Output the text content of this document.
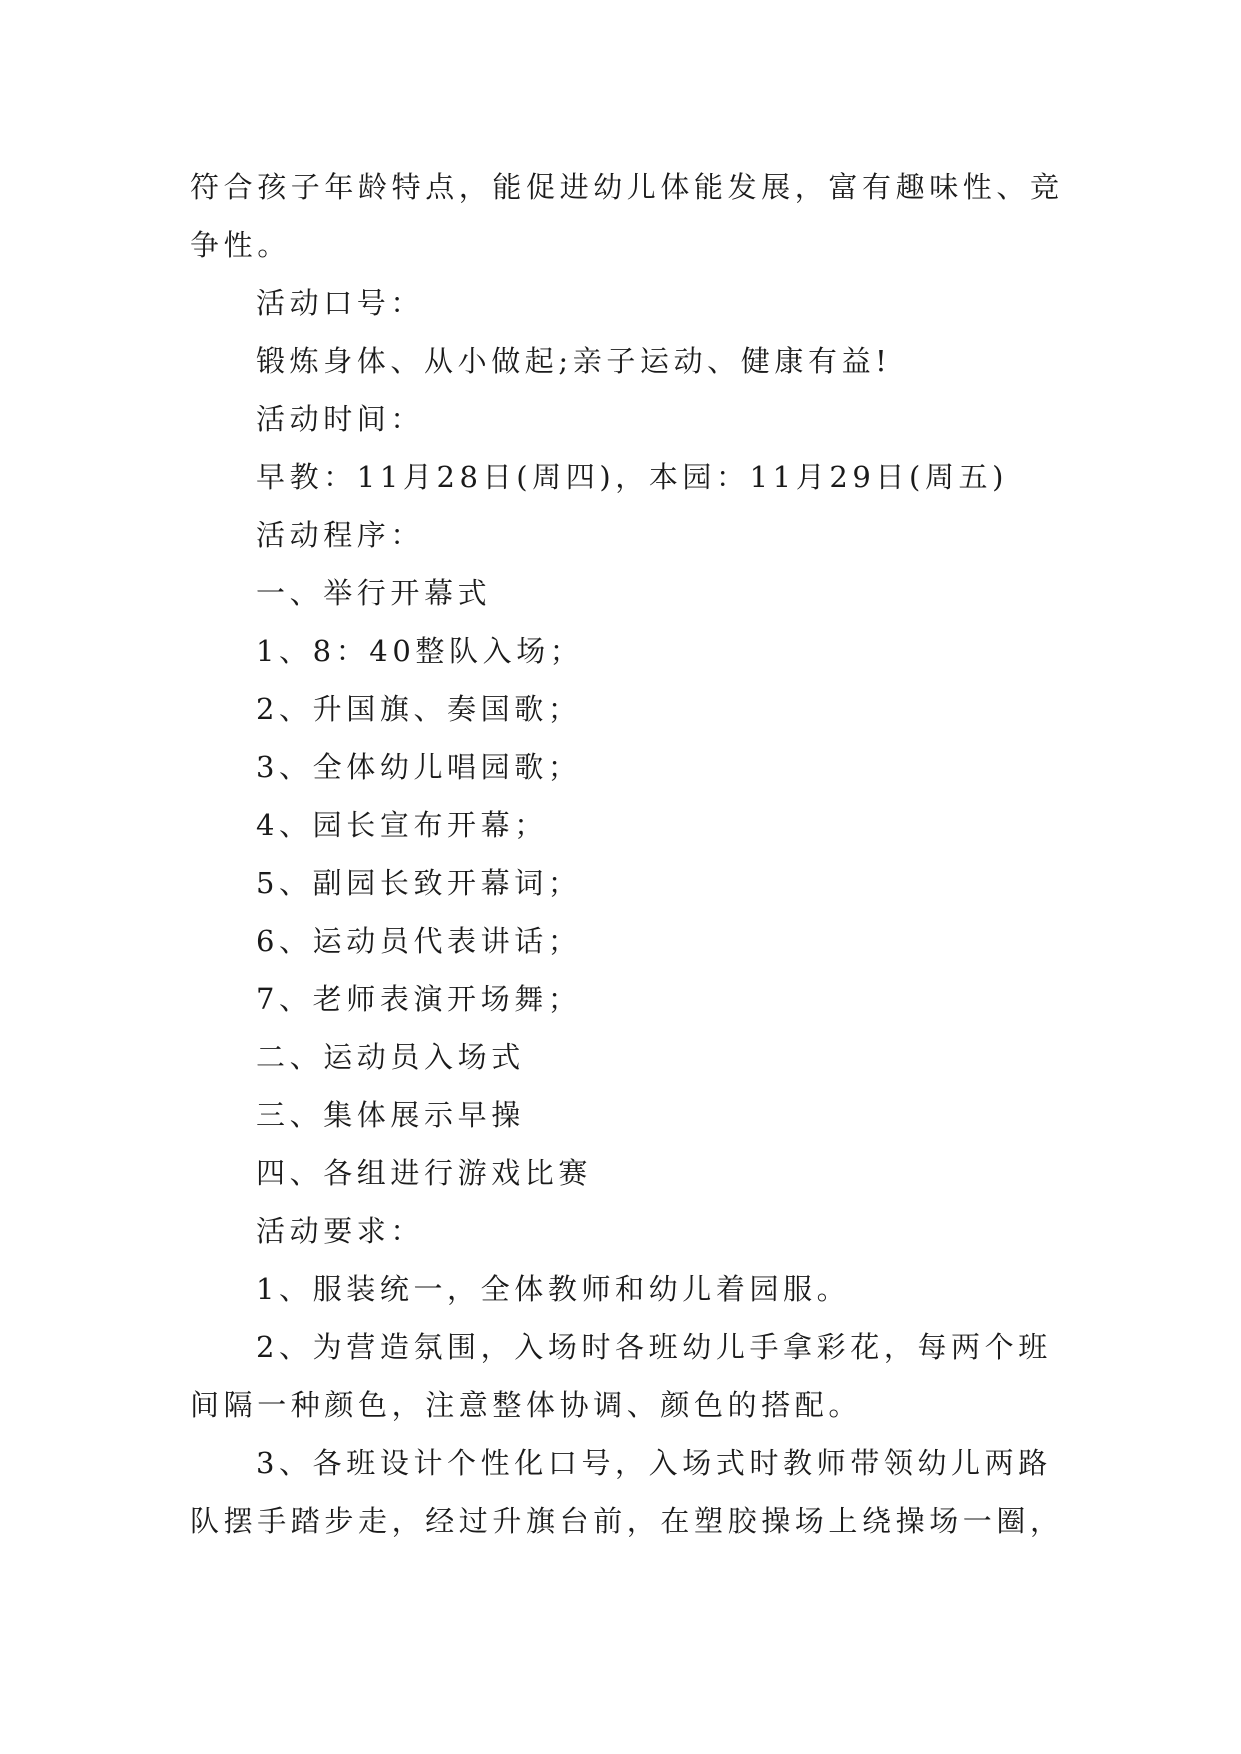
符合孩子年龄特点，能促进幼儿体能发展，富有趣味性、竞
争性。
活动口号：
锻炼身体、从小做起;亲子运动、健康有益!
活动时间：
早教：11月28日(周四)，本园：11月29日(周五)
活动程序：
一、举行开幕式
1、8：40整队入场；
2、升国旗、奏国歌；
3、全体幼儿唱园歌；
4、园长宣布开幕；
5、副园长致开幕词；
6、运动员代表讲话；
7、老师表演开场舞；
二、运动员入场式
三、集体展示早操
四、各组进行游戏比赛
活动要求：
1、服装统一，全体教师和幼儿着园服。
2、为营造氛围，入场时各班幼儿手拿彩花，每两个班
间隔一种颜色，注意整体协调、颜色的搭配。
3、各班设计个性化口号，入场式时教师带领幼儿两路
队摆手踏步走，经过升旗台前，在塑胶操场上绕操场一圈，
